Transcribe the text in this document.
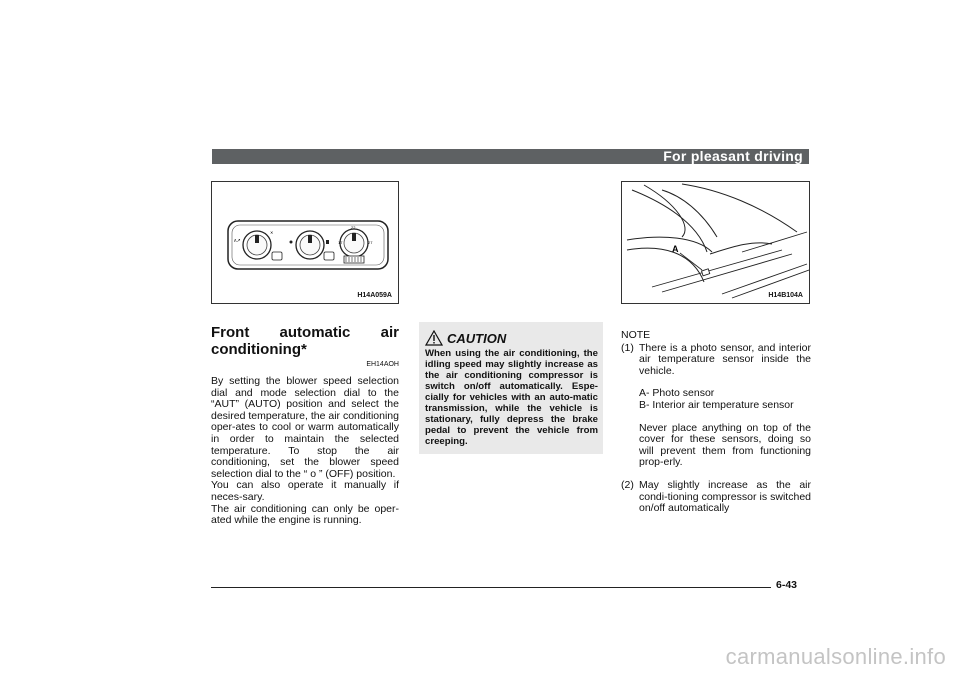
For pleasant driving
ʌ↗
✕
22
17	27
H14A059A
A
H14B104A
Front automatic air
conditioning*
EH14AOH

By setting the blower speed selection dial and mode selection dial to the “AUT” (AUTO) position and select the desired temperature, the air conditioning oper-ates to cool or warm automatically in order to maintain the selected temperature. To stop the air conditioning, set the blower speed selection dial to the “ o ” (OFF) position.

You can also operate it manually if neces-sary.

The air conditioning can only be oper-ated while the engine is running.

CAUTION

When using the air conditioning, the idling speed may slightly increase as the air conditioning compressor is switch on/off automatically. Espe-cially for vehicles with an auto-matic transmission, while the vehicle is stationary, fully depress the brake pedal to prevent the vehicle from creeping.

NOTE

(1) There is a photo sensor, and interior air temperature sensor inside the vehicle.
A- Photo sensor
B- Interior air temperature sensor
Never place anything on top of the cover for these sensors, doing so will prevent them from functioning prop-erly.
(2) May slightly increase as the air condi-tioning compressor is switched on/off automatically
6-43
carmanualsonline.info
